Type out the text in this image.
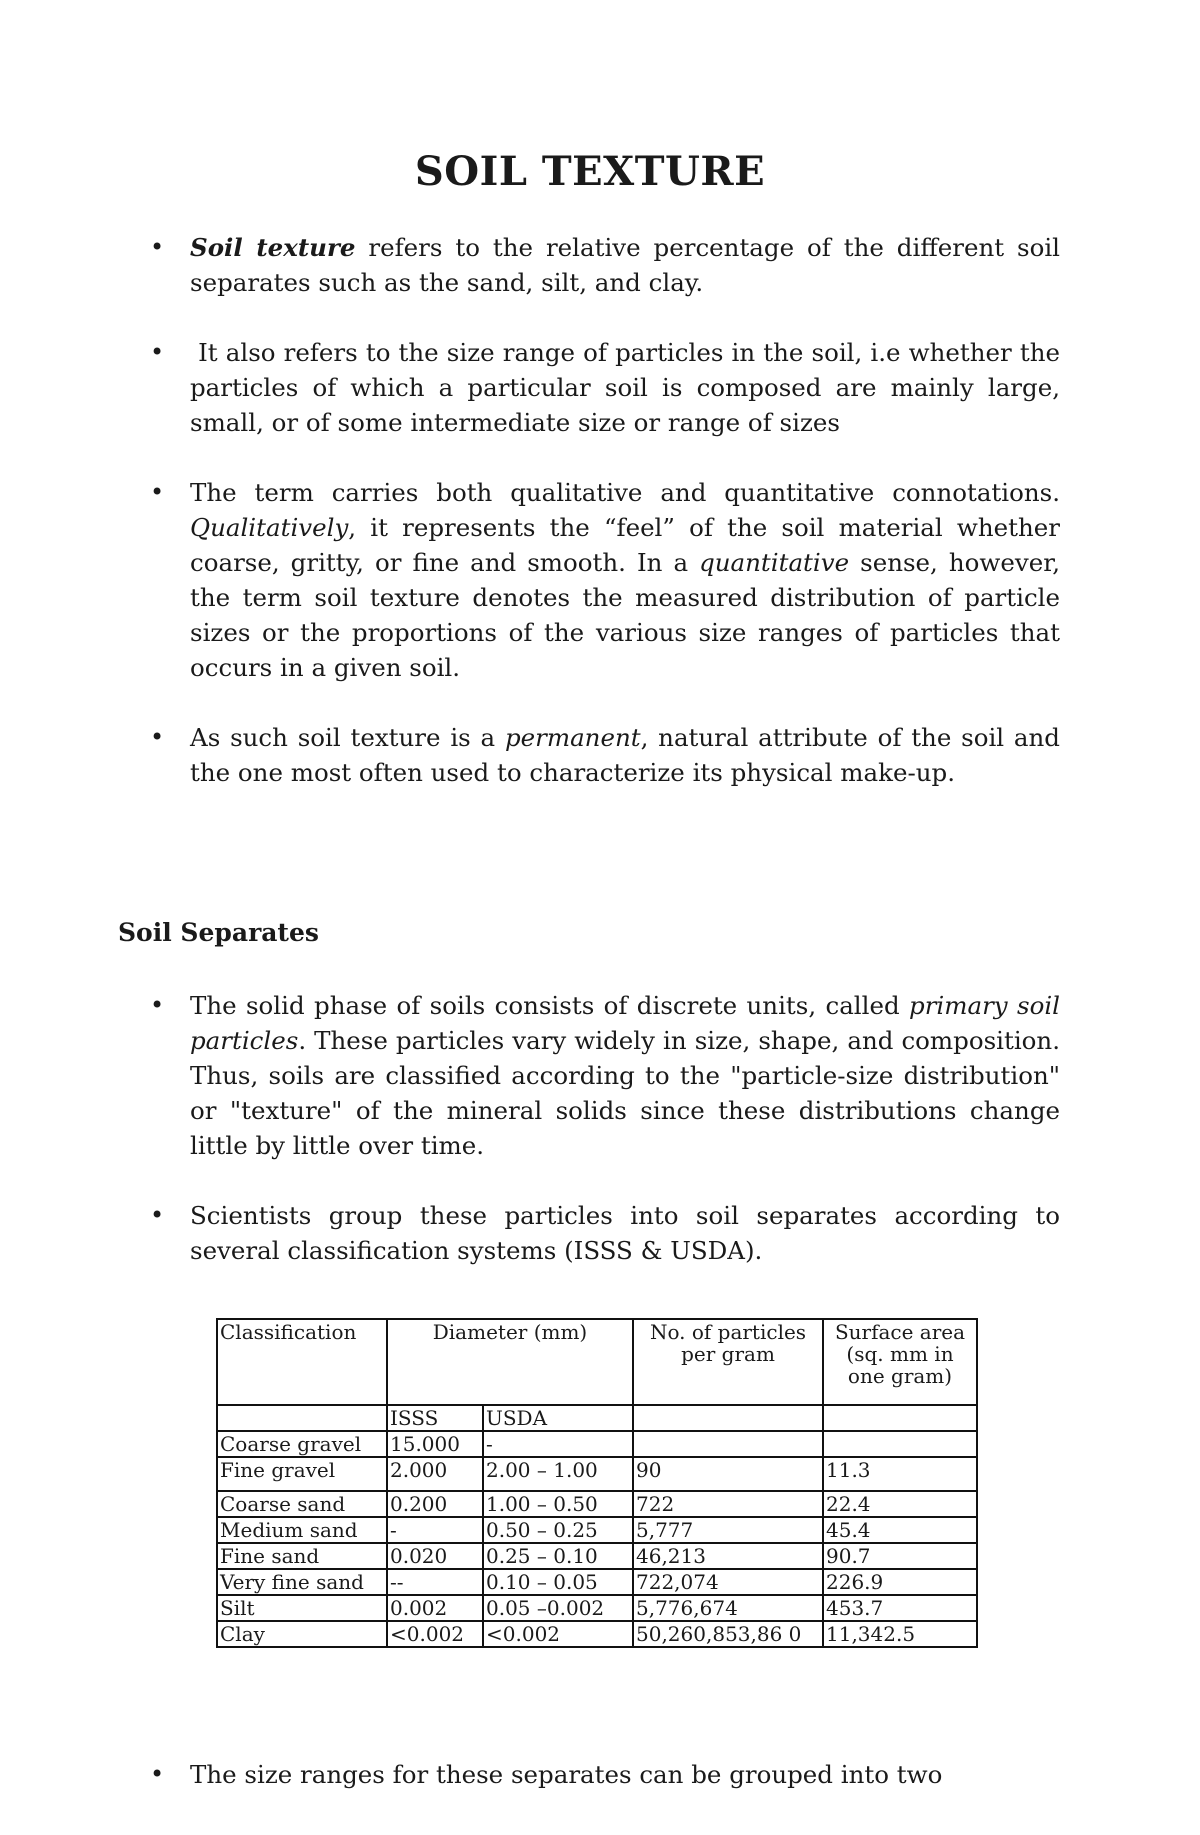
SOIL TEXTURE
• Soil texture refers to the relative percentage of the different soil separates such as the sand, silt, and clay.
• It also refers to the size range of particles in the soil, i.e whether the particles of which a particular soil is composed are mainly large, small, or of some intermediate size or range of sizes
• The term carries both qualitative and quantitative connotations. Qualitatively, it represents the “feel” of the soil material whether coarse, gritty, or fine and smooth. In a quantitative sense, however, the term soil texture denotes the measured distribution of particle sizes or the proportions of the various size ranges of particles that occurs in a given soil.
• As such soil texture is a permanent, natural attribute of the soil and the one most often used to characterize its physical make-up.
Soil Separates
• The solid phase of soils consists of discrete units, called primary soil particles. These particles vary widely in size, shape, and composition. Thus, soils are classified according to the "particle-size distribution" or "texture" of the mineral solids since these distributions change little by little over time.
• Scientists group these particles into soil separates according to several classification systems (ISSS & USDA).
Classification	Diameter (mm)		No. of particles per gram	Surface area (sq. mm in one gram)
	ISSS	USDA		
Coarse gravel	15.000	-		
Fine gravel	2.000	2.00 – 1.00	90	11.3
Coarse sand	0.200	1.00 – 0.50	722	22.4
Medium sand	-	0.50 – 0.25	5,777	45.4
Fine sand	0.020	0.25 – 0.10	46,213	90.7
Very fine sand	--	0.10 – 0.05	722,074	226.9
Silt	0.002	0.05 –0.002	5,776,674	453.7
Clay	<0.002	<0.002	50,260,853,86 0	11,342.5
• The size ranges for these separates can be grouped into two
